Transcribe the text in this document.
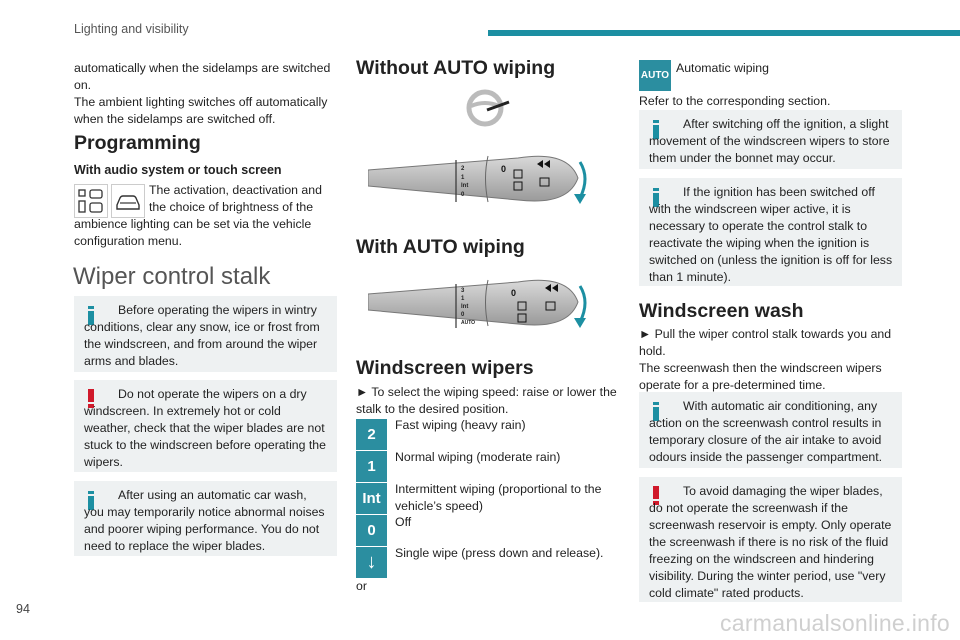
Lighting and visibility
94
carmanualsonline.info

automatically when the sidelamps are switched

on.

The ambient lighting switches off automatically

when the sidelamps are switched off.

Programming
With audio system or touch screen

The activation, deactivation and

the choice of brightness of the

ambience lighting can be set via the vehicle

configuration menu.

Wiper control stalk
Before operating the wipers in wintry conditions, clear any snow, ice or frost from the windscreen, and from around the wiper arms and blades.
Do not operate the wipers on a dry windscreen. In extremely hot or cold weather, check that the wiper blades are not stuck to the windscreen before operating the wipers.
After using an automatic car wash, you may temporarily notice abnormal noises and poorer wiping performance. You do not need to replace the wiper blades.
Without AUTO wiping
2
1
Int
0
0
With AUTO wiping
3
1
Int
0
AUTO
0
Windscreen wipers

► To select the wiping speed: raise or lower the

stalk to the desired position.

2
1
Int
0
↓
Fast wiping (heavy rain)
Normal wiping (moderate rain)
Intermittent wiping (proportional to the vehicle’s speed)
Off
Single wipe (press down and release).

or

AUTO

Automatic wiping

Refer to the corresponding section.

After switching off the ignition, a slight movement of the windscreen wipers to store them under the bonnet may occur.
If the ignition has been switched off with the windscreen wiper active, it is necessary to operate the control stalk to reactivate the wiping when the ignition is switched on (unless the ignition is off for less than 1 minute).
Windscreen wash

► Pull the wiper control stalk towards you and

hold.

The screenwash then the windscreen wipers

operate for a pre-determined time.

With automatic air conditioning, any action on the screenwash control results in temporary closure of the air intake to avoid odours inside the passenger compartment.
To avoid damaging the wiper blades, do not operate the screenwash if the screenwash reservoir is empty. Only operate the screenwash if there is no risk of the fluid freezing on the windscreen and hindering visibility. During the winter period, use "very cold climate" rated products.
